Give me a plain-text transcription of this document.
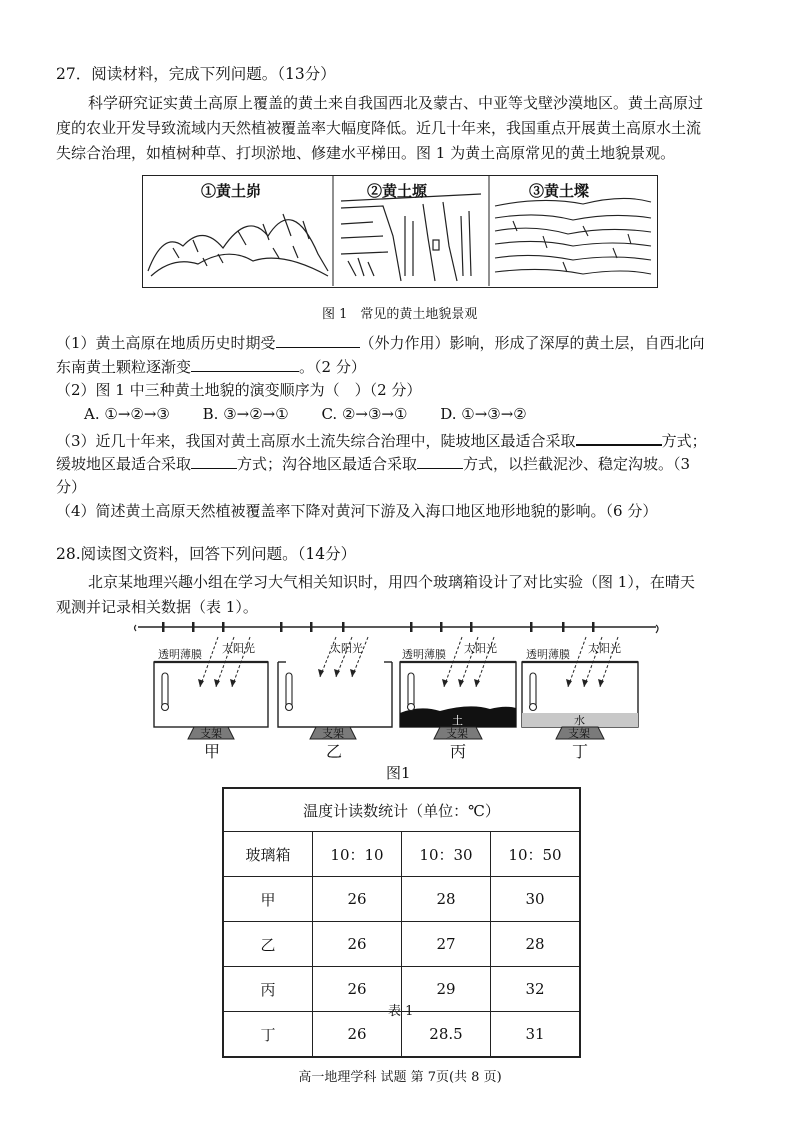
27．阅读材料，完成下列问题。（13分）
科学研究证实黄土高原上覆盖的黄土来自我国西北及蒙古、中亚等戈壁沙漠地区。黄土高原过
度的农业开发导致流域内天然植被覆盖率大幅度降低。近几十年来，我国重点开展黄土高原水土流
失综合治理，如植树种草、打坝淤地、修建水平梯田。图 1 为黄土高原常见的黄土地貌景观。
①黄土峁	②黄土塬	③黄土墚
图 1　常见的黄土地貌景观
（1）黄土高原在地质历史时期受	（外力作用）影响，形成了深厚的黄土层，自西北向
东南黄土颗粒逐渐变	。（2 分）
（2）图 1 中三种黄土地貌的演变顺序为（　）（2 分）
A. ①→②→③ B. ③→②→① C. ②→③→① D. ①→③→②
（3）近几十年来，我国对黄土高原水土流失综合治理中，陡坡地区最适合采取	方式；
缓坡地区最适合采取	方式；沟谷地区最适合采取	方式，以拦截泥沙、稳定沟坡。（3
分）
（4）简述黄土高原天然植被覆盖率下降对黄河下游及入海口地区地形地貌的影响。（6 分）
28.阅读图文资料，回答下列问题。（14分）
北京某地理兴趣小组在学习大气相关知识时，用四个玻璃箱设计了对比实验（图 1），在晴天
观测并记录相关数据（表 1）。
透明薄膜 太阳光	太阳光	透明薄膜 太阳光	透明薄膜 太阳光
支架	支架	支架	支架
土	水
甲	乙	丙	丁
图1
温度计读数统计（单位：℃）			
玻璃箱	10：10	10：30	10：50
甲	26	28	30
乙	26	27	28
丙	26	29	32
丁	26	28.5	31
表 1
高一地理学科 试题 第 7页(共 8 页)
